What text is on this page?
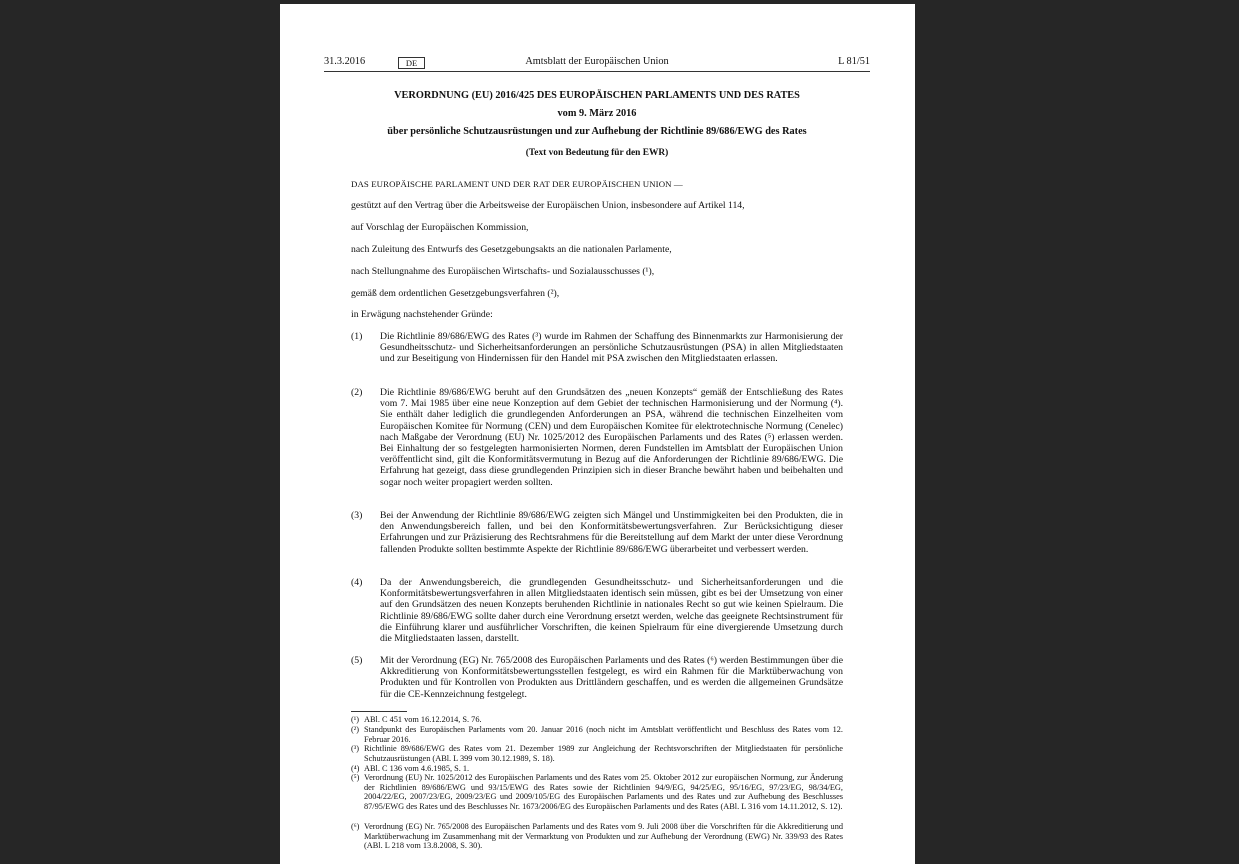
31.3.2016	DE	Amtsblatt der Europäischen Union	L 81/51
VERORDNUNG (EU) 2016/425 DES EUROPÄISCHEN PARLAMENTS UND DES RATES
vom 9. März 2016
über persönliche Schutzausrüstungen und zur Aufhebung der Richtlinie 89/686/EWG des Rates
(Text von Bedeutung für den EWR)
DAS EUROPÄISCHE PARLAMENT UND DER RAT DER EUROPÄISCHEN UNION —
gestützt auf den Vertrag über die Arbeitsweise der Europäischen Union, insbesondere auf Artikel 114,
auf Vorschlag der Europäischen Kommission,
nach Zuleitung des Entwurfs des Gesetzgebungsakts an die nationalen Parlamente,
nach Stellungnahme des Europäischen Wirtschafts- und Sozialausschusses (¹),
gemäß dem ordentlichen Gesetzgebungsverfahren (²),
in Erwägung nachstehender Gründe:
(1) Die Richtlinie 89/686/EWG des Rates (³) wurde im Rahmen der Schaffung des Binnenmarkts zur Harmonisierung der Gesundheitsschutz- und Sicherheitsanforderungen an persönliche Schutzausrüstungen (PSA) in allen Mitgliedstaaten und zur Beseitigung von Hindernissen für den Handel mit PSA zwischen den Mitgliedstaaten erlassen.
(2) Die Richtlinie 89/686/EWG beruht auf den Grundsätzen des „neuen Konzepts“ gemäß der Entschließung des Rates vom 7. Mai 1985 über eine neue Konzeption auf dem Gebiet der technischen Harmonisierung und der Normung (⁴). Sie enthält daher lediglich die grundlegenden Anforderungen an PSA, während die technischen Einzelheiten vom Europäischen Komitee für Normung (CEN) und dem Europäischen Komitee für elektrotechnische Normung (Cenelec) nach Maßgabe der Verordnung (EU) Nr. 1025/2012 des Europäischen Parlaments und des Rates (⁵) erlassen werden. Bei Einhaltung der so festgelegten harmonisierten Normen, deren Fundstellen im Amtsblatt der Europäischen Union veröffentlicht sind, gilt die Konformitätsvermutung in Bezug auf die Anforderungen der Richtlinie 89/686/EWG. Die Erfahrung hat gezeigt, dass diese grundlegenden Prinzipien sich in dieser Branche bewährt haben und beibehalten und sogar noch weiter propagiert werden sollten.
(3) Bei der Anwendung der Richtlinie 89/686/EWG zeigten sich Mängel und Unstimmigkeiten bei den Produkten, die in den Anwendungsbereich fallen, und bei den Konformitätsbewertungsverfahren. Zur Berücksichtigung dieser Erfahrungen und zur Präzisierung des Rechtsrahmens für die Bereitstellung auf dem Markt der unter diese Verordnung fallenden Produkte sollten bestimmte Aspekte der Richtlinie 89/686/EWG überarbeitet und verbessert werden.
(4) Da der Anwendungsbereich, die grundlegenden Gesundheitsschutz- und Sicherheitsanforderungen und die Konformitätsbewertungsverfahren in allen Mitgliedstaaten identisch sein müssen, gibt es bei der Umsetzung von einer auf den Grundsätzen des neuen Konzepts beruhenden Richtlinie in nationales Recht so gut wie keinen Spielraum. Die Richtlinie 89/686/EWG sollte daher durch eine Verordnung ersetzt werden, welche das geeignete Rechtsinstrument für die Einführung klarer und ausführlicher Vorschriften, die keinen Spielraum für eine divergierende Umsetzung durch die Mitgliedstaaten lassen, darstellt.
(5) Mit der Verordnung (EG) Nr. 765/2008 des Europäischen Parlaments und des Rates (⁶) werden Bestimmungen über die Akkreditierung von Konformitätsbewertungsstellen festgelegt, es wird ein Rahmen für die Marktüberwachung von Produkten und für Kontrollen von Produkten aus Drittländern geschaffen, und es werden die allgemeinen Grundsätze für die CE-Kennzeichnung festgelegt.
(¹) ABl. C 451 vom 16.12.2014, S. 76.
(²) Standpunkt des Europäischen Parlaments vom 20. Januar 2016 (noch nicht im Amtsblatt veröffentlicht und Beschluss des Rates vom 12. Februar 2016.
(³) Richtlinie 89/686/EWG des Rates vom 21. Dezember 1989 zur Angleichung der Rechtsvorschriften der Mitgliedstaaten für persönliche Schutzausrüstungen (ABl. L 399 vom 30.12.1989, S. 18).
(⁴) ABl. C 136 vom 4.6.1985, S. 1.
(⁵) Verordnung (EU) Nr. 1025/2012 des Europäischen Parlaments und des Rates vom 25. Oktober 2012 zur europäischen Normung, zur Änderung der Richtlinien 89/686/EWG und 93/15/EWG des Rates sowie der Richtlinien 94/9/EG, 94/25/EG, 95/16/EG, 97/23/EG, 98/34/EG, 2004/22/EG, 2007/23/EG, 2009/23/EG und 2009/105/EG des Europäischen Parlaments und des Rates und zur Aufhebung des Beschlusses 87/95/EWG des Rates und des Beschlusses Nr. 1673/2006/EG des Europäischen Parlaments und des Rates (ABl. L 316 vom 14.11.2012, S. 12).
(⁶) Verordnung (EG) Nr. 765/2008 des Europäischen Parlaments und des Rates vom 9. Juli 2008 über die Vorschriften für die Akkreditierung und Marktüberwachung im Zusammenhang mit der Vermarktung von Produkten und zur Aufhebung der Verordnung (EWG) Nr. 339/93 des Rates (ABl. L 218 vom 13.8.2008, S. 30).
